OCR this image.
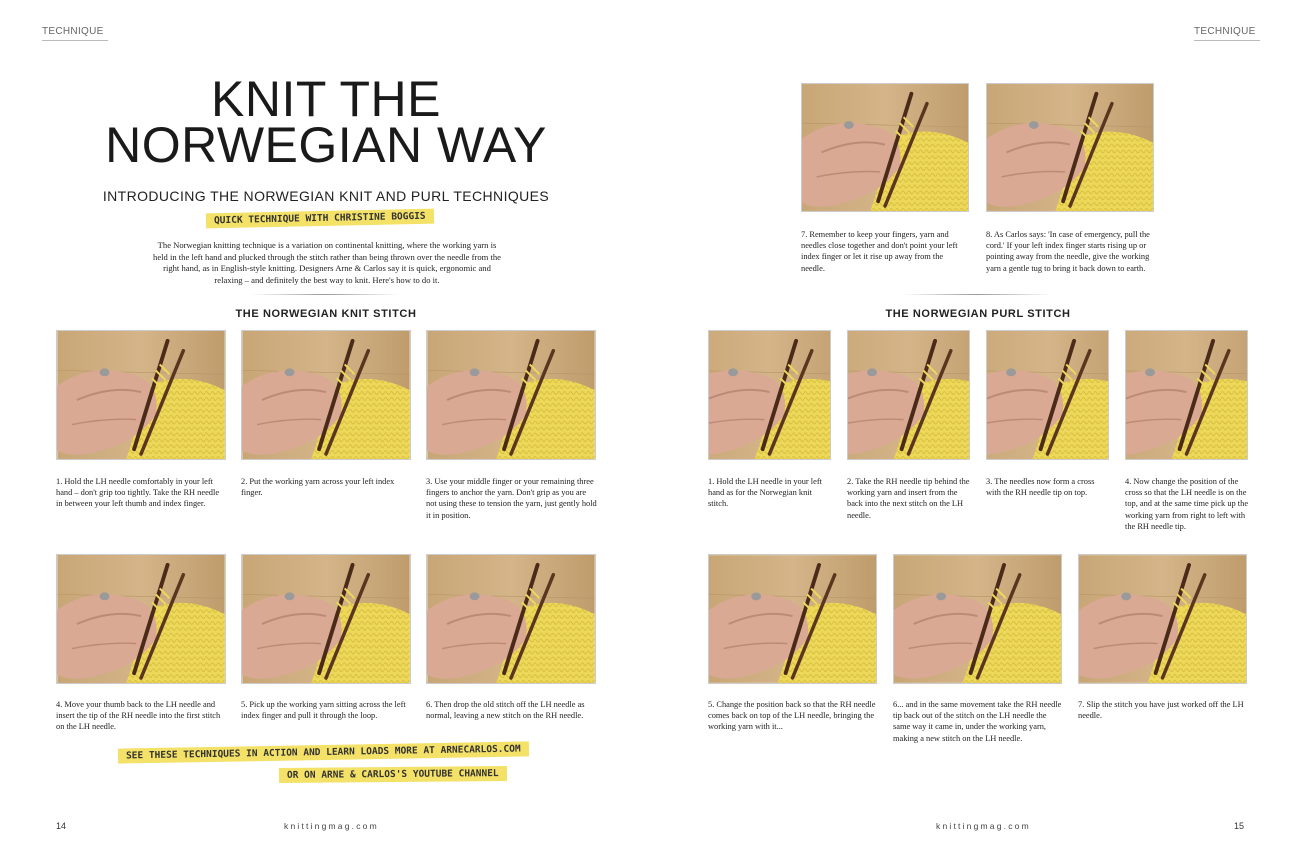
TECHNIQUE
KNIT THE
NORWEGIAN WAY
INTRODUCING THE NORWEGIAN KNIT AND PURL TECHNIQUES
QUICK TECHNIQUE WITH CHRISTINE BOGGIS
The Norwegian knitting technique is a variation on continental knitting, where the working yarn is held in the left hand and plucked through the stitch rather than being thrown over the needle from the right hand, as in English-style knitting. Designers Arne & Carlos say it is quick, ergonomic and relaxing – and definitely the best way to knit. Here's how to do it.
THE NORWEGIAN KNIT STITCH
1. Hold the LH needle comfortably in your left hand – don't grip too tightly. Take the RH needle in between your left thumb and index finger.
2. Put the working yarn across your left index finger.
3. Use your middle finger or your remaining three fingers to anchor the yarn. Don't grip as you are not using these to tension the yarn, just gently hold it in position.
4. Move your thumb back to the LH needle and insert the tip of the RH needle into the first stitch on the LH needle.
5. Pick up the working yarn sitting across the left index finger and pull it through the loop.
6. Then drop the old stitch off the LH needle as normal, leaving a new stitch on the RH needle.
SEE THESE TECHNIQUES IN ACTION AND LEARN LOADS MORE AT ARNECARLOS.COM
OR ON ARNE & CARLOS'S YOUTUBE CHANNEL
14	knittingmag.com
TECHNIQUE
7. Remember to keep your fingers, yarn and needles close together and don't point your left index finger or let it rise up away from the needle.
8. As Carlos says: 'In case of emergency, pull the cord.' If your left index finger starts rising up or pointing away from the needle, give the working yarn a gentle tug to bring it back down to earth.
THE NORWEGIAN PURL STITCH
1. Hold the LH needle in your left hand as for the Norwegian knit stitch.
2. Take the RH needle tip behind the working yarn and insert from the back into the next stitch on the LH needle.
3. The needles now form a cross with the RH needle tip on top.
4. Now change the position of the cross so that the LH needle is on the top, and at the same time pick up the working yarn from right to left with the RH needle tip.
5. Change the position back so that the RH needle comes back on top of the LH needle, bringing the working yarn with it...
6... and in the same movement take the RH needle tip back out of the stitch on the LH needle the same way it came in, under the working yarn, making a new stitch on the LH needle.
7. Slip the stitch you have just worked off the LH needle.
knittingmag.com	15
